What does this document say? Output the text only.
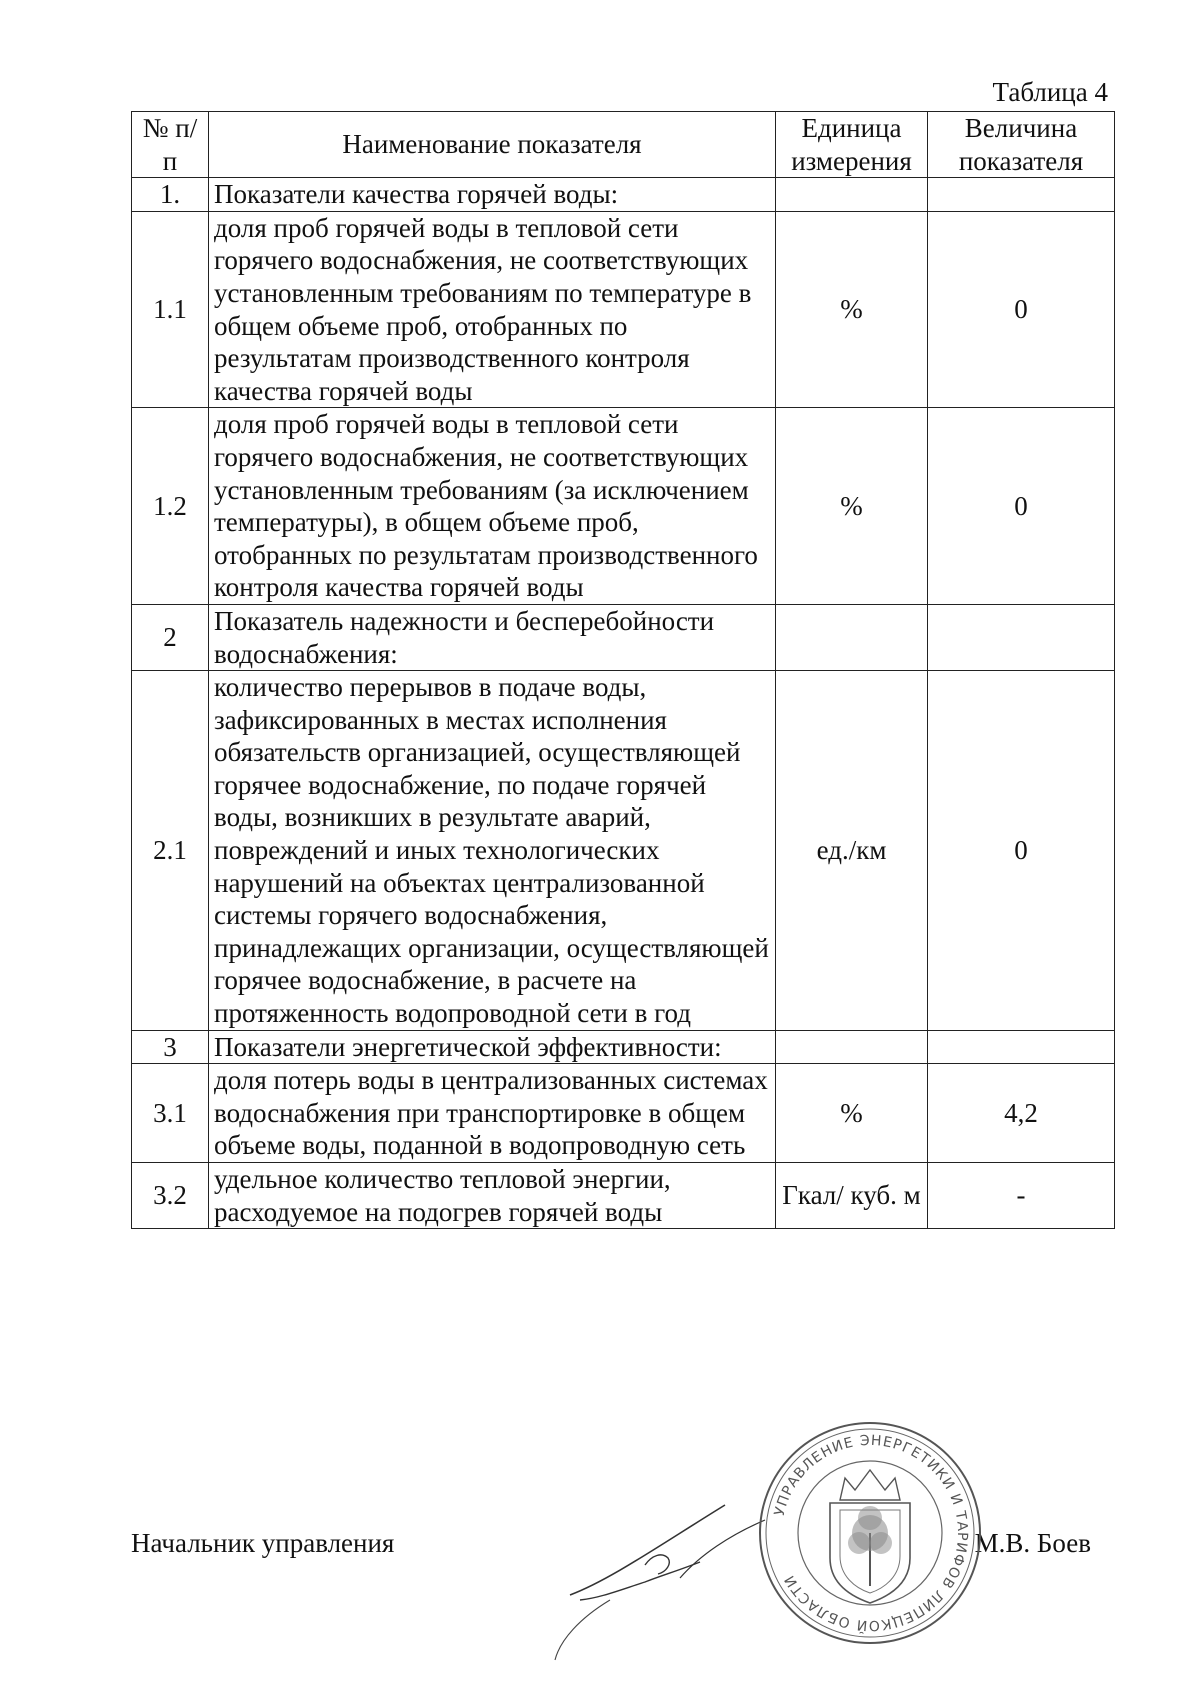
Таблица 4
№ п/п	Наименование показателя	Единица измерения	Величина показателя
1.	Показатели качества горячей воды:		
1.1	доля проб горячей воды в тепловой сети горячего водоснабжения, не соответствующих установленным требованиям по температуре в общем объеме проб, отобранных по результатам производственного контроля качества горячей воды	%	0
1.2	доля проб горячей воды в тепловой сети горячего водоснабжения, не соответствующих установленным требованиям (за исключением температуры), в общем объеме проб, отобранных по результатам производственного контроля качества горячей воды	%	0
2	Показатель надежности и бесперебойности водоснабжения:		
2.1	количество перерывов в подаче воды, зафиксированных в местах исполнения обязательств организацией, осуществляющей горячее водоснабжение, по подаче горячей воды, возникших в результате аварий, повреждений и иных технологических нарушений на объектах централизованной системы горячего водоснабжения, принадлежащих организации, осуществляющей горячее водоснабжение, в расчете на протяженность водопроводной сети в год	ед./км	0
3	Показатели энергетической эффективности:		
3.1	доля потерь воды в централизованных системах водоснабжения при транспортировке в общем объеме воды, поданной в водопроводную сеть	%	4,2
3.2	удельное количество тепловой энергии, расходуемое на подогрев горячей воды	Гкал/ куб. м	-
Начальник управления	М.В. Боев
УПРАВЛЕНИЕ ЭНЕРГЕТИКИ И ТАРИФОВ ЛИПЕЦКОЙ ОБЛАСТИ
